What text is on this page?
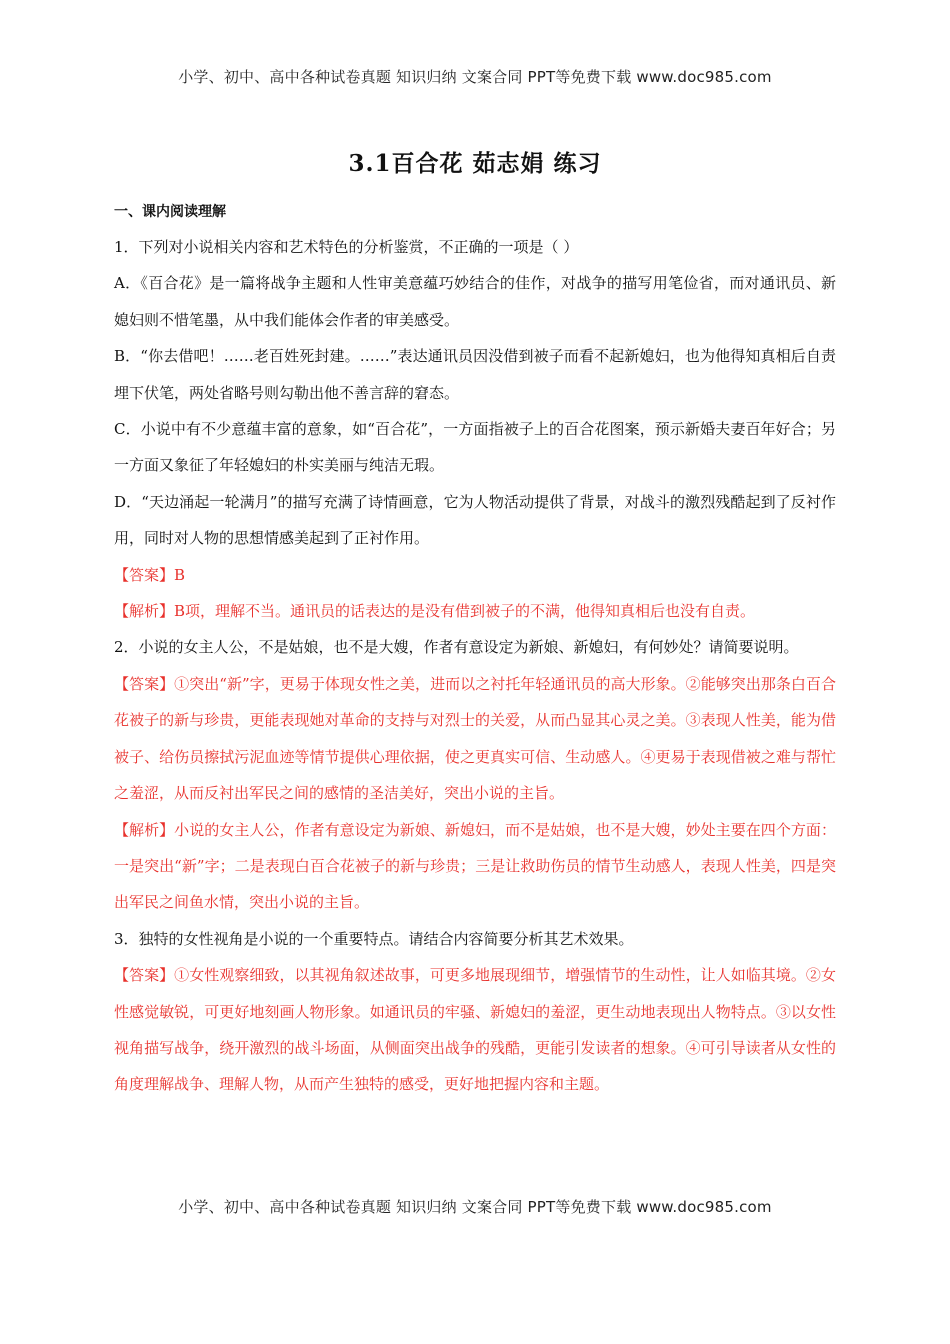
小学、初中、高中各种试卷真题 知识归纳 文案合同 PPT等免费下载 www.doc985.com
3.1百合花 茹志娟 练习
一、课内阅读理解

1．下列对小说相关内容和艺术特色的分析鉴赏，不正确的一项是（ ）

A．《百合花》是一篇将战争主题和人性审美意蕴巧妙结合的佳作，对战争的描写用笔俭省，而对通讯员、新媳妇则不惜笔墨，从中我们能体会作者的审美感受。

B．“你去借吧！……老百姓死封建。……”表达通讯员因没借到被子而看不起新媳妇，也为他得知真相后自责埋下伏笔，两处省略号则勾勒出他不善言辞的窘态。

C．小说中有不少意蕴丰富的意象，如“百合花”，一方面指被子上的百合花图案，预示新婚夫妻百年好合；另一方面又象征了年轻媳妇的朴实美丽与纯洁无瑕。

D．“天边涌起一轮满月”的描写充满了诗情画意，它为人物活动提供了背景，对战斗的激烈残酷起到了反衬作用，同时对人物的思想情感美起到了正衬作用。

【答案】B

【解析】B项，理解不当。通讯员的话表达的是没有借到被子的不满，他得知真相后也没有自责。

2．小说的女主人公，不是姑娘，也不是大嫂，作者有意设定为新娘、新媳妇，有何妙处？请简要说明。

【答案】①突出“新”字，更易于体现女性之美，进而以之衬托年轻通讯员的高大形象。②能够突出那条白百合花被子的新与珍贵，更能表现她对革命的支持与对烈士的关爱，从而凸显其心灵之美。③表现人性美，能为借被子、给伤员擦拭污泥血迹等情节提供心理依据，使之更真实可信、生动感人。④更易于表现借被之难与帮忙之羞涩，从而反衬出军民之间的感情的圣洁美好，突出小说的主旨。

【解析】小说的女主人公，作者有意设定为新娘、新媳妇，而不是姑娘，也不是大嫂，妙处主要在四个方面：一是突出“新”字；二是表现白百合花被子的新与珍贵；三是让救助伤员的情节生动感人，表现人性美，四是突出军民之间鱼水情，突出小说的主旨。

3．独特的女性视角是小说的一个重要特点。请结合内容简要分析其艺术效果。

【答案】①女性观察细致，以其视角叙述故事，可更多地展现细节，增强情节的生动性，让人如临其境。②女性感觉敏锐，可更好地刻画人物形象。如通讯员的牢骚、新媳妇的羞涩，更生动地表现出人物特点。③以女性视角描写战争，绕开激烈的战斗场面，从侧面突出战争的残酷，更能引发读者的想象。④可引导读者从女性的角度理解战争、理解人物，从而产生独特的感受，更好地把握内容和主题。

小学、初中、高中各种试卷真题 知识归纳 文案合同 PPT等免费下载 www.doc985.com
